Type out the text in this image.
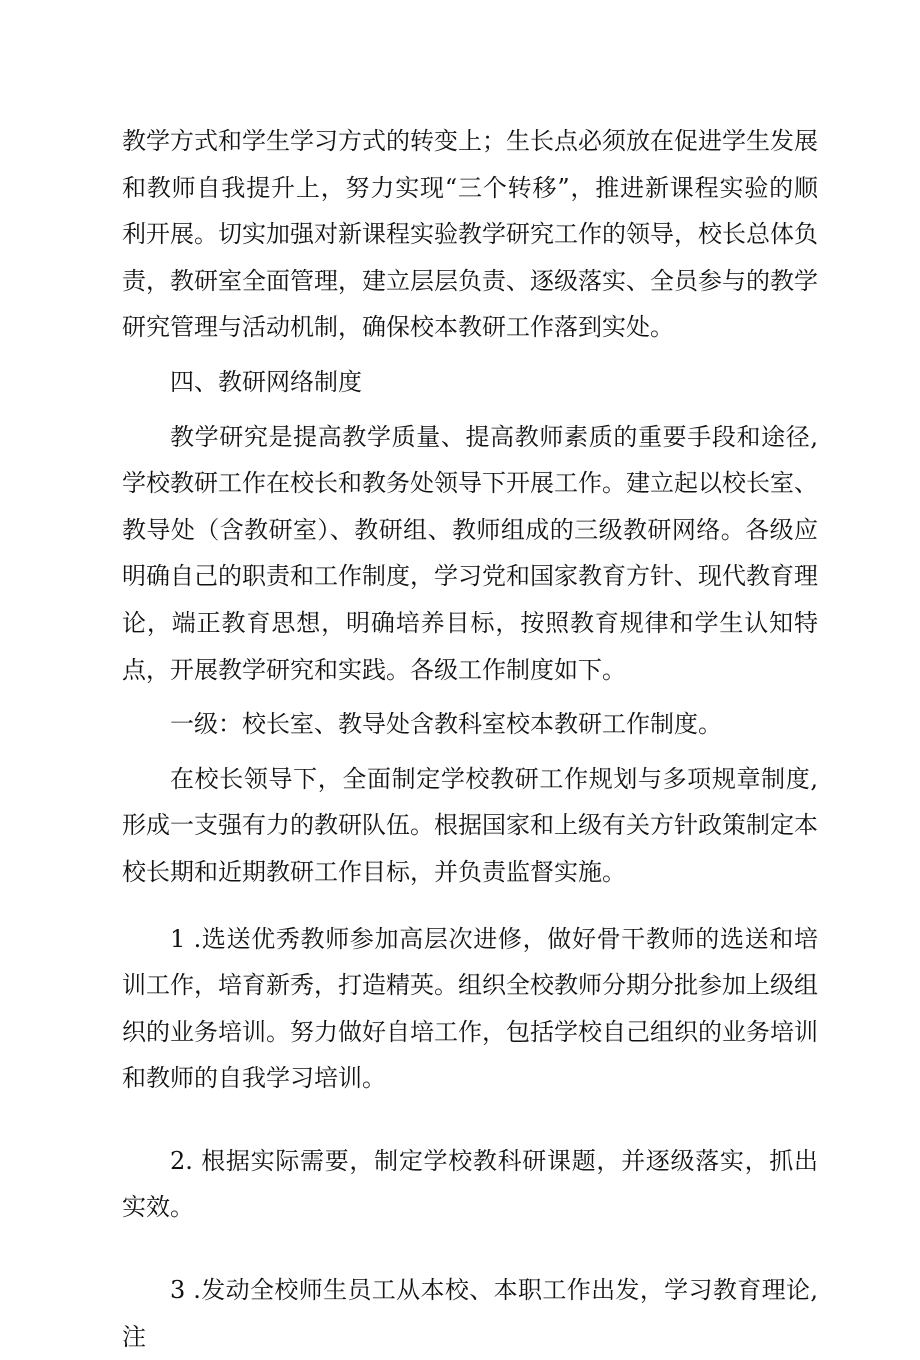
教学方式和学生学习方式的转变上；生长点必须放在促进学生发展和教师自我提升上，努力实现“三个转移”，推进新课程实验的顺利开展。切实加强对新课程实验教学研究工作的领导，校长总体负责，教研室全面管理，建立层层负责、逐级落实、全员参与的教学研究管理与活动机制，确保校本教研工作落到实处。

四、教研网络制度

教学研究是提高教学质量、提高教师素质的重要手段和途径,学校教研工作在校长和教务处领导下开展工作。建立起以校长室、教导处（含教研室）、教研组、教师组成的三级教研网络。各级应明确自己的职责和工作制度，学习党和国家教育方针、现代教育理论，端正教育思想，明确培养目标，按照教育规律和学生认知特点，开展教学研究和实践。各级工作制度如下。

一级：校长室、教导处含教科室校本教研工作制度。

在校长领导下，全面制定学校教研工作规划与多项规章制度,形成一支强有力的教研队伍。根据国家和上级有关方针政策制定本校长期和近期教研工作目标，并负责监督实施。

1 .选送优秀教师参加高层次进修，做好骨干教师的选送和培训工作，培育新秀，打造精英。组织全校教师分期分批参加上级组织的业务培训。努力做好自培工作，包括学校自己组织的业务培训和教师的自我学习培训。

2. 根据实际需要，制定学校教科研课题，并逐级落实，抓出实效。

3 .发动全校师生员工从本校、本职工作出发，学习教育理论,注
